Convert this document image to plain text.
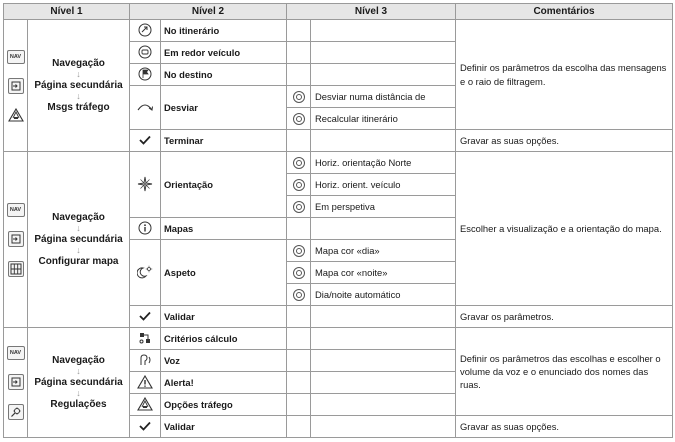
Nível 1		Nível 2		Nível 3		Comentários

NAV	Navegação
↓
Página secundária
↓
Msgs tráfego		No itinerário			Definir os parâmetros da escolha das mensagens e o raio de filtragem.

	Em redor veículo			

	No destino			

	Desviar		Desviar numa distância de	
					Recalcular itinerário	

	Terminar			Gravar as suas opções.

NAV	Navegação
↓
Página secundária
↓
Configurar mapa		Orientação		Horiz. orientação Norte	Escolher a visualização e a orientação do mapa.
					Horiz. orient. veículo	
					Em perspetiva	

	Mapas			

	Aspeto		Mapa cor «dia»	
					Mapa cor «noite»	
					Dia/noite automático	

	Validar			Gravar os parâmetros.

NAV	Navegação
↓
Página secundária
↓
Regulações		Critérios cálculo			Definir os parâmetros das escolhas e escolher o volume da voz e o enunciado dos nomes das ruas.

	Voz			

	Alerta!			

	Opções tráfego			

	Validar			Gravar as suas opções.
